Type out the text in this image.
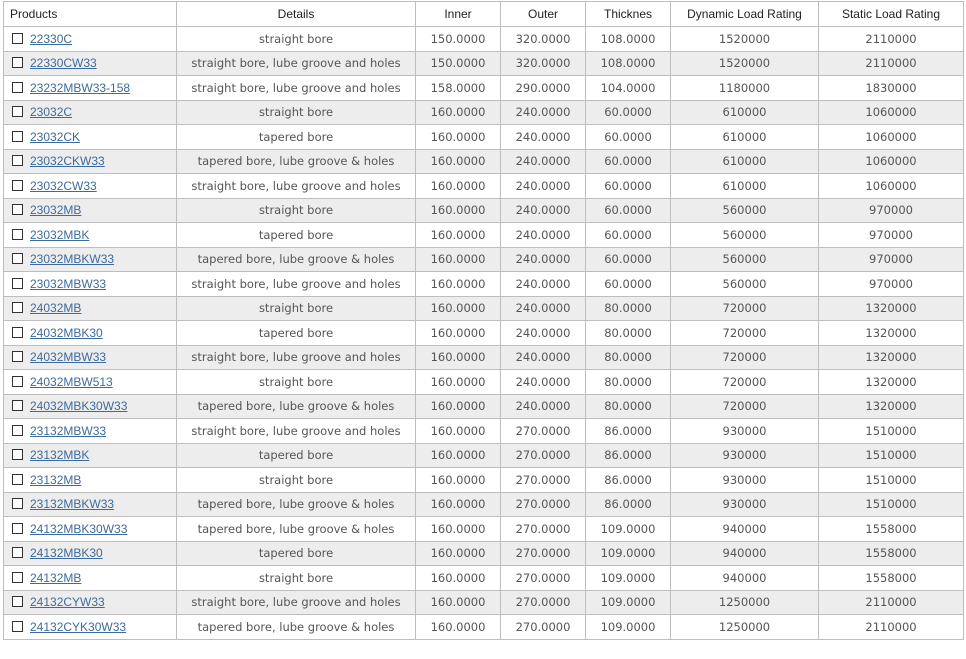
Products	Details	Inner	Outer	Thicknes	Dynamic Load Rating	Static Load Rating
22330C	straight bore	150.0000	320.0000	108.0000	1520000	2110000
22330CW33	straight bore, lube groove and holes	150.0000	320.0000	108.0000	1520000	2110000
23232MBW33-158	straight bore, lube groove and holes	158.0000	290.0000	104.0000	1180000	1830000
23032C	straight bore	160.0000	240.0000	60.0000	610000	1060000
23032CK	tapered bore	160.0000	240.0000	60.0000	610000	1060000
23032CKW33	tapered bore, lube groove & holes	160.0000	240.0000	60.0000	610000	1060000
23032CW33	straight bore, lube groove and holes	160.0000	240.0000	60.0000	610000	1060000
23032MB	straight bore	160.0000	240.0000	60.0000	560000	970000
23032MBK	tapered bore	160.0000	240.0000	60.0000	560000	970000
23032MBKW33	tapered bore, lube groove & holes	160.0000	240.0000	60.0000	560000	970000
23032MBW33	straight bore, lube groove and holes	160.0000	240.0000	60.0000	560000	970000
24032MB	straight bore	160.0000	240.0000	80.0000	720000	1320000
24032MBK30	tapered bore	160.0000	240.0000	80.0000	720000	1320000
24032MBW33	straight bore, lube groove and holes	160.0000	240.0000	80.0000	720000	1320000
24032MBW513	straight bore	160.0000	240.0000	80.0000	720000	1320000
24032MBK30W33	tapered bore, lube groove & holes	160.0000	240.0000	80.0000	720000	1320000
23132MBW33	straight bore, lube groove and holes	160.0000	270.0000	86.0000	930000	1510000
23132MBK	tapered bore	160.0000	270.0000	86.0000	930000	1510000
23132MB	straight bore	160.0000	270.0000	86.0000	930000	1510000
23132MBKW33	tapered bore, lube groove & holes	160.0000	270.0000	86.0000	930000	1510000
24132MBK30W33	tapered bore, lube groove & holes	160.0000	270.0000	109.0000	940000	1558000
24132MBK30	tapered bore	160.0000	270.0000	109.0000	940000	1558000
24132MB	straight bore	160.0000	270.0000	109.0000	940000	1558000
24132CYW33	straight bore, lube groove and holes	160.0000	270.0000	109.0000	1250000	2110000
24132CYK30W33	tapered bore, lube groove & holes	160.0000	270.0000	109.0000	1250000	2110000
